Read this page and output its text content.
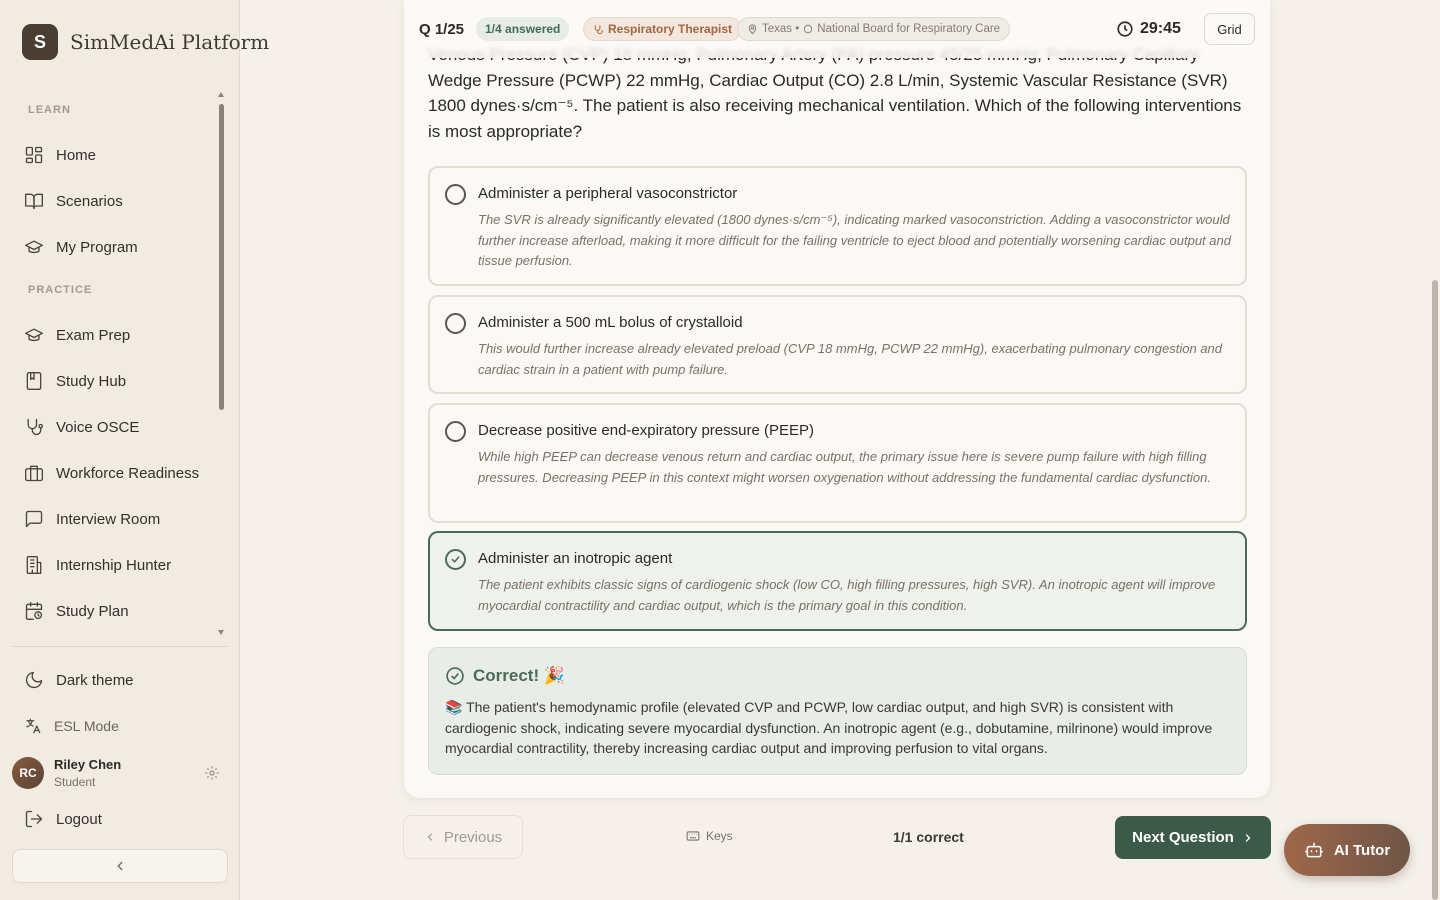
S	SimMedAi Platform
LEARN
Home
Scenarios
My Program
PRACTICE
Exam Prep
Study Hub
Voice OSCE
Workforce Readiness
Interview Room
Internship Hunter
Study Plan
Dark theme
ESL Mode
RC
Riley Chen
Student
Logout
Wedge Pressure (PCWP) 22 mmHg, Cardiac Output (CO) 2.8 L/min, Systemic Vascular Resistance (SVR) 1800 dynes·s/cm⁻⁵. The patient is also receiving mechanical ventilation. Which of the following interventions is most appropriate?
Q 1/25	1/4 answered	Respiratory Therapist	Texas • National Board for Respiratory Care	29:45	Grid
Administer a peripheral vasoconstrictor
The SVR is already significantly elevated (1800 dynes·s/cm⁻⁵), indicating marked vasoconstriction. Adding a vasoconstrictor would further increase afterload, making it more difficult for the failing ventricle to eject blood and potentially worsening cardiac output and tissue perfusion.
Administer a 500 mL bolus of crystalloid
This would further increase already elevated preload (CVP 18 mmHg, PCWP 22 mmHg), exacerbating pulmonary congestion and cardiac strain in a patient with pump failure.
Decrease positive end-expiratory pressure (PEEP)
While high PEEP can decrease venous return and cardiac output, the primary issue here is severe pump failure with high filling pressures. Decreasing PEEP in this context might worsen oxygenation without addressing the fundamental cardiac dysfunction.
Administer an inotropic agent
The patient exhibits classic signs of cardiogenic shock (low CO, high filling pressures, high SVR). An inotropic agent will improve myocardial contractility and cardiac output, which is the primary goal in this condition.
Correct! 🎉
📚 The patient's hemodynamic profile (elevated CVP and PCWP, low cardiac output, and high SVR) is consistent with cardiogenic shock, indicating severe myocardial dysfunction. An inotropic agent (e.g., dobutamine, milrinone) would improve myocardial contractility, thereby increasing cardiac output and improving perfusion to vital organs.
Previous	Keys	1/1 correct	Next Question
AI Tutor
